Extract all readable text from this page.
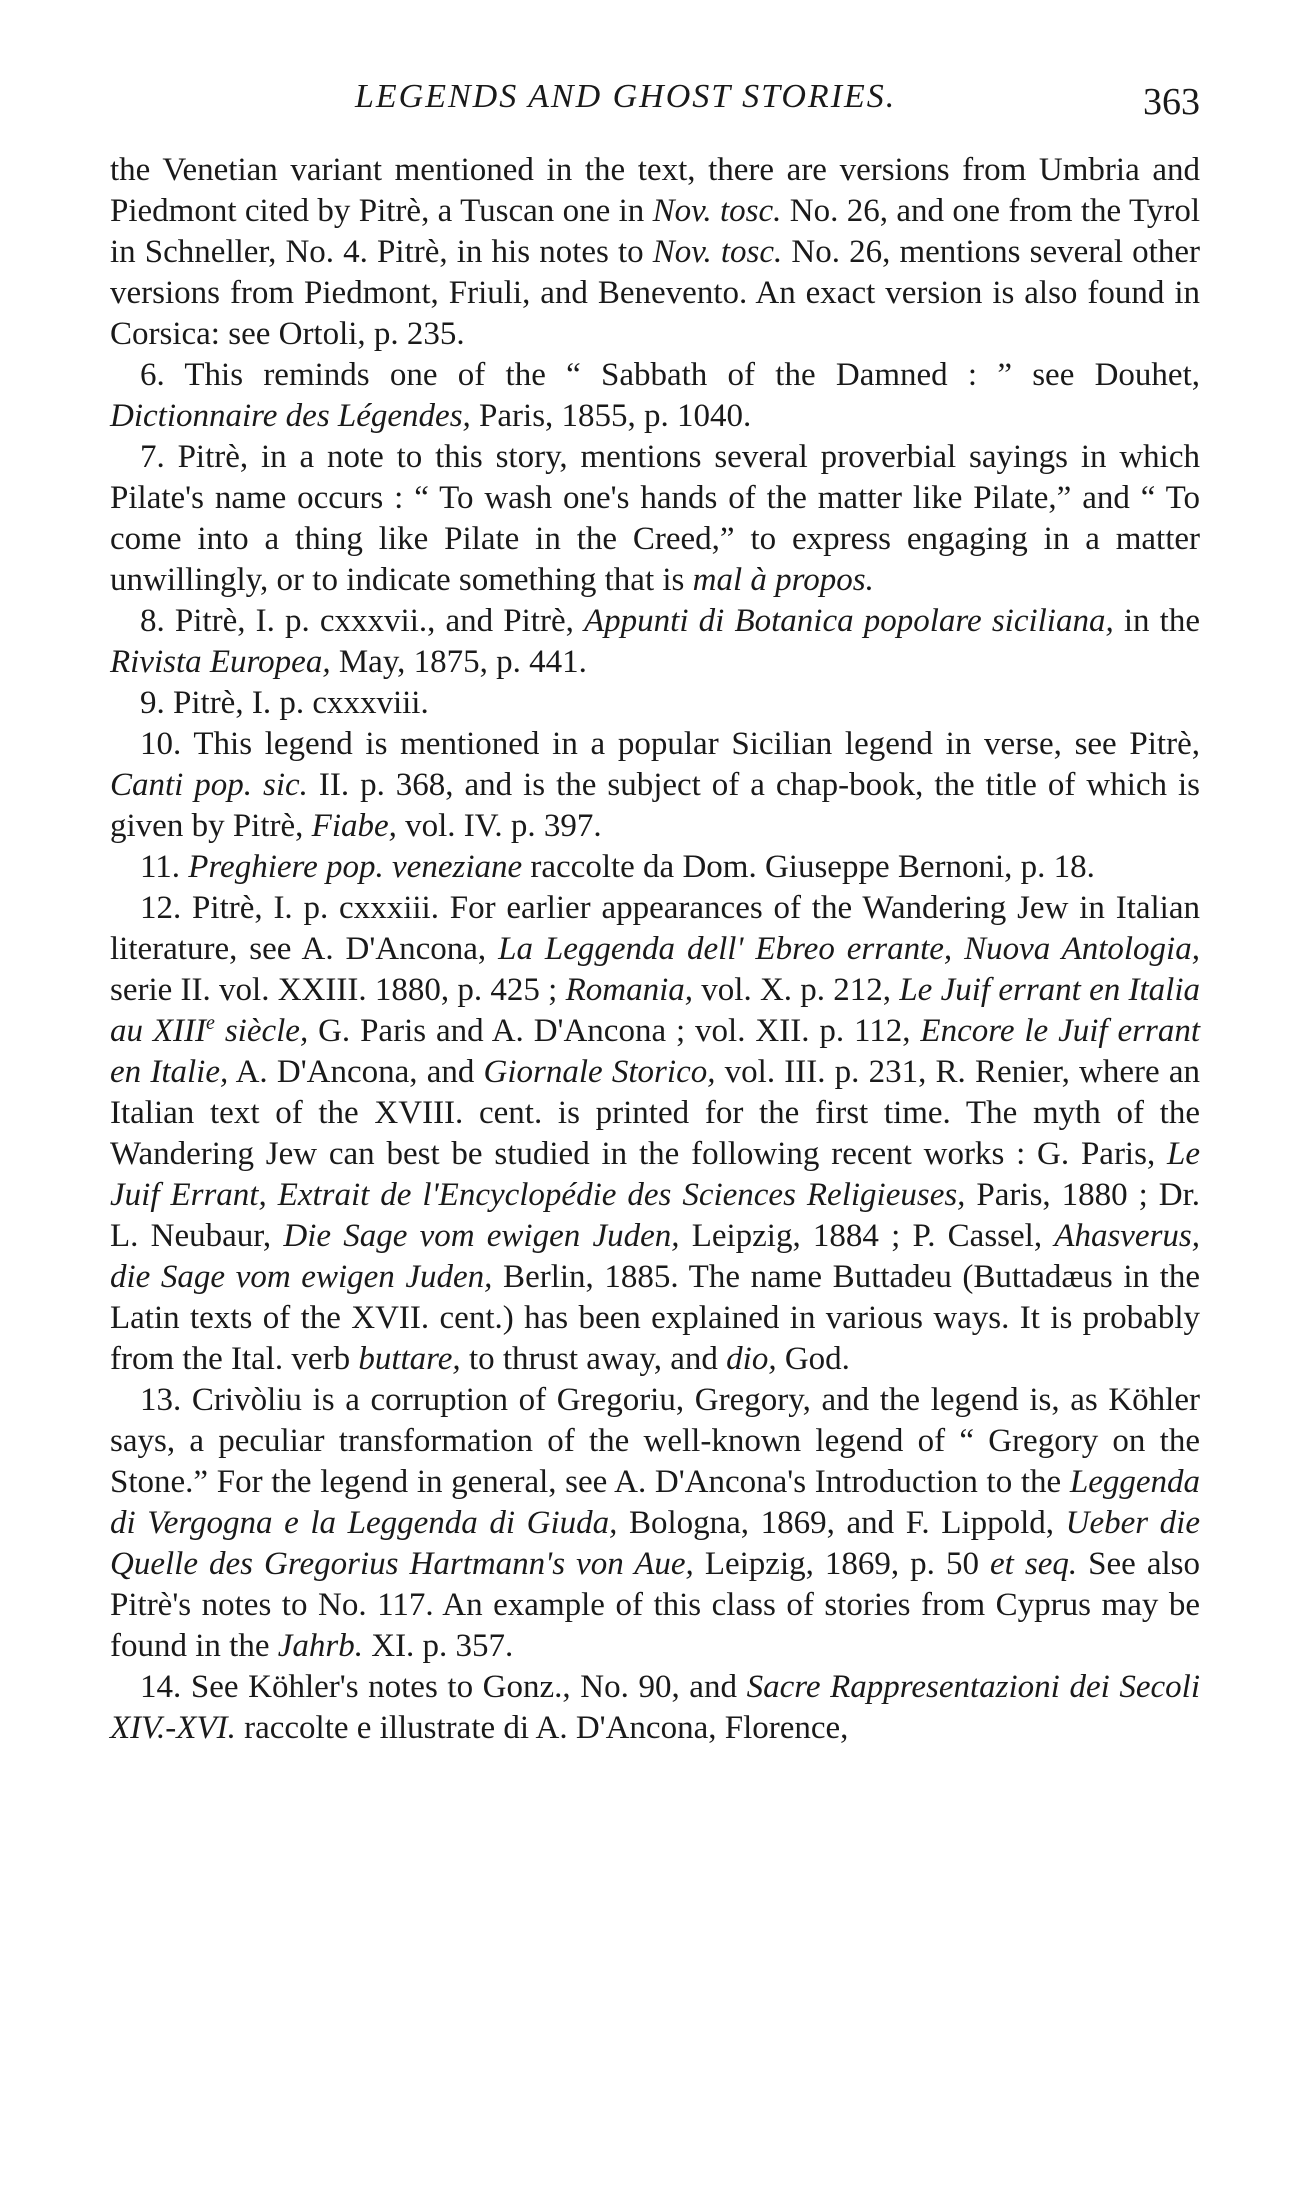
LEGENDS AND GHOST STORIES.	363

the Venetian variant mentioned in the text, there are versions from Umbria and Piedmont cited by Pitrè, a Tuscan one in Nov. tosc. No. 26, and one from the Tyrol in Schneller, No. 4. Pitrè, in his notes to Nov. tosc. No. 26, mentions several other versions from Piedmont, Friuli, and Benevento. An exact version is also found in Corsica: see Ortoli, p. 235.

6. This reminds one of the “ Sabbath of the Damned : ” see Douhet, Dictionnaire des Légendes, Paris, 1855, p. 1040.

7. Pitrè, in a note to this story, mentions several proverbial sayings in which Pilate's name occurs : “ To wash one's hands of the matter like Pilate,” and “ To come into a thing like Pilate in the Creed,” to express engaging in a matter unwillingly, or to indicate something that is mal à propos.

8. Pitrè, I. p. cxxxvii., and Pitrè, Appunti di Botanica popolare siciliana, in the Rivista Europea, May, 1875, p. 441.

9. Pitrè, I. p. cxxxviii.

10. This legend is mentioned in a popular Sicilian legend in verse, see Pitrè, Canti pop. sic. II. p. 368, and is the subject of a chap-book, the title of which is given by Pitrè, Fiabe, vol. IV. p. 397.

11. Preghiere pop. veneziane raccolte da Dom. Giuseppe Bernoni, p. 18.

12. Pitrè, I. p. cxxxiii. For earlier appearances of the Wandering Jew in Italian literature, see A. D'Ancona, La Leggenda dell' Ebreo errante, Nuova Antologia, serie II. vol. XXIII. 1880, p. 425 ; Romania, vol. X. p. 212, Le Juif errant en Italia au XIIIe siècle, G. Paris and A. D'Ancona ; vol. XII. p. 112, Encore le Juif errant en Italie, A. D'Ancona, and Giornale Storico, vol. III. p. 231, R. Renier, where an Italian text of the XVIII. cent. is printed for the first time. The myth of the Wandering Jew can best be studied in the following recent works : G. Paris, Le Juif Errant, Extrait de l'Encyclopédie des Sciences Religieuses, Paris, 1880 ; Dr. L. Neubaur, Die Sage vom ewigen Juden, Leipzig, 1884 ; P. Cassel, Ahasverus, die Sage vom ewigen Juden, Berlin, 1885. The name Buttadeu (Buttadæus in the Latin texts of the XVII. cent.) has been explained in various ways. It is probably from the Ital. verb buttare, to thrust away, and dio, God.

13. Crivòliu is a corruption of Gregoriu, Gregory, and the legend is, as Köhler says, a peculiar transformation of the well-known legend of “ Gregory on the Stone.” For the legend in general, see A. D'Ancona's Introduction to the Leggenda di Vergogna e la Leggenda di Giuda, Bologna, 1869, and F. Lippold, Ueber die Quelle des Gregorius Hartmann's von Aue, Leipzig, 1869, p. 50 et seq. See also Pitrè's notes to No. 117. An example of this class of stories from Cyprus may be found in the Jahrb. XI. p. 357.

14. See Köhler's notes to Gonz., No. 90, and Sacre Rappresentazioni dei Secoli XIV.-XVI. raccolte e illustrate di A. D'Ancona, Florence,
